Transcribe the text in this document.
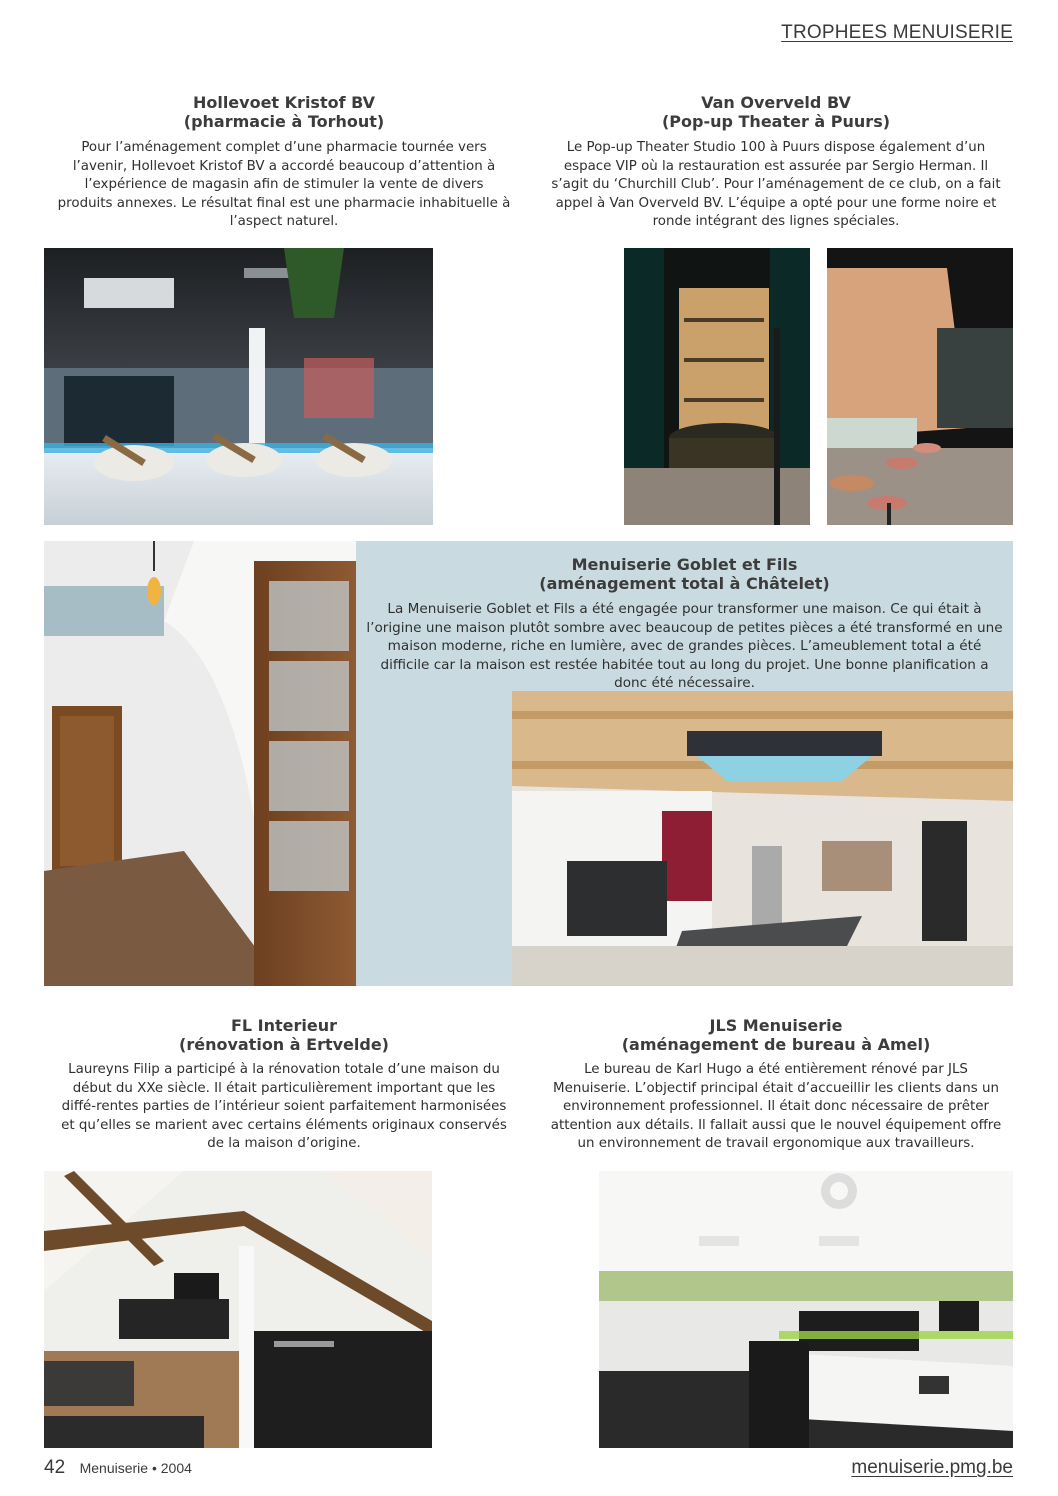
TROPHEES MENUISERIE
Hollevoet Kristof BV
(pharmacie à Torhout)
Pour l’aménagement complet d’une pharmacie tournée vers l’avenir, Hollevoet Kristof BV a accordé beaucoup d’attention à l’expérience de magasin afin de stimuler la vente de divers produits annexes. Le résultat final est une pharmacie inhabituelle à l’aspect naturel.
Van Overveld BV
(Pop-up Theater à Puurs)
Le Pop-up Theater Studio 100 à Puurs dispose également d’un espace VIP où la restauration est assurée par Sergio Herman. Il s’agit du ‘Churchill Club’. Pour l’aménagement de ce club, on a fait appel à Van Overveld BV. L’équipe a opté pour une forme noire et ronde intégrant des lignes spéciales.
Menuiserie Goblet et Fils
(aménagement total à Châtelet)
La Menuiserie Goblet et Fils a été engagée pour transformer une maison. Ce qui était à l’origine une maison plutôt sombre avec beaucoup de petites pièces a été transformé en une maison moderne, riche en lumière, avec de grandes pièces. L’ameublement total a été difficile car la maison est restée habitée tout au long du projet. Une bonne planification a donc été nécessaire.
FL Interieur
(rénovation à Ertvelde)
Laureyns Filip a participé à la rénovation totale d’une maison du début du XXe siècle. Il était particulièrement important que les diffé-rentes parties de l’intérieur soient parfaitement harmonisées et qu’elles se marient avec certains éléments originaux conservés de la maison d’origine.
JLS Menuiserie
(aménagement de bureau à Amel)
Le bureau de Karl Hugo a été entièrement rénové par JLS Menuiserie. L’objectif principal était d’accueillir les clients dans un environnement professionnel. Il était donc nécessaire de prêter attention aux détails. Il fallait aussi que le nouvel équipement offre un environnement de travail ergonomique aux travailleurs.
42 Menuiserie • 2004	menuiserie.pmg.be
